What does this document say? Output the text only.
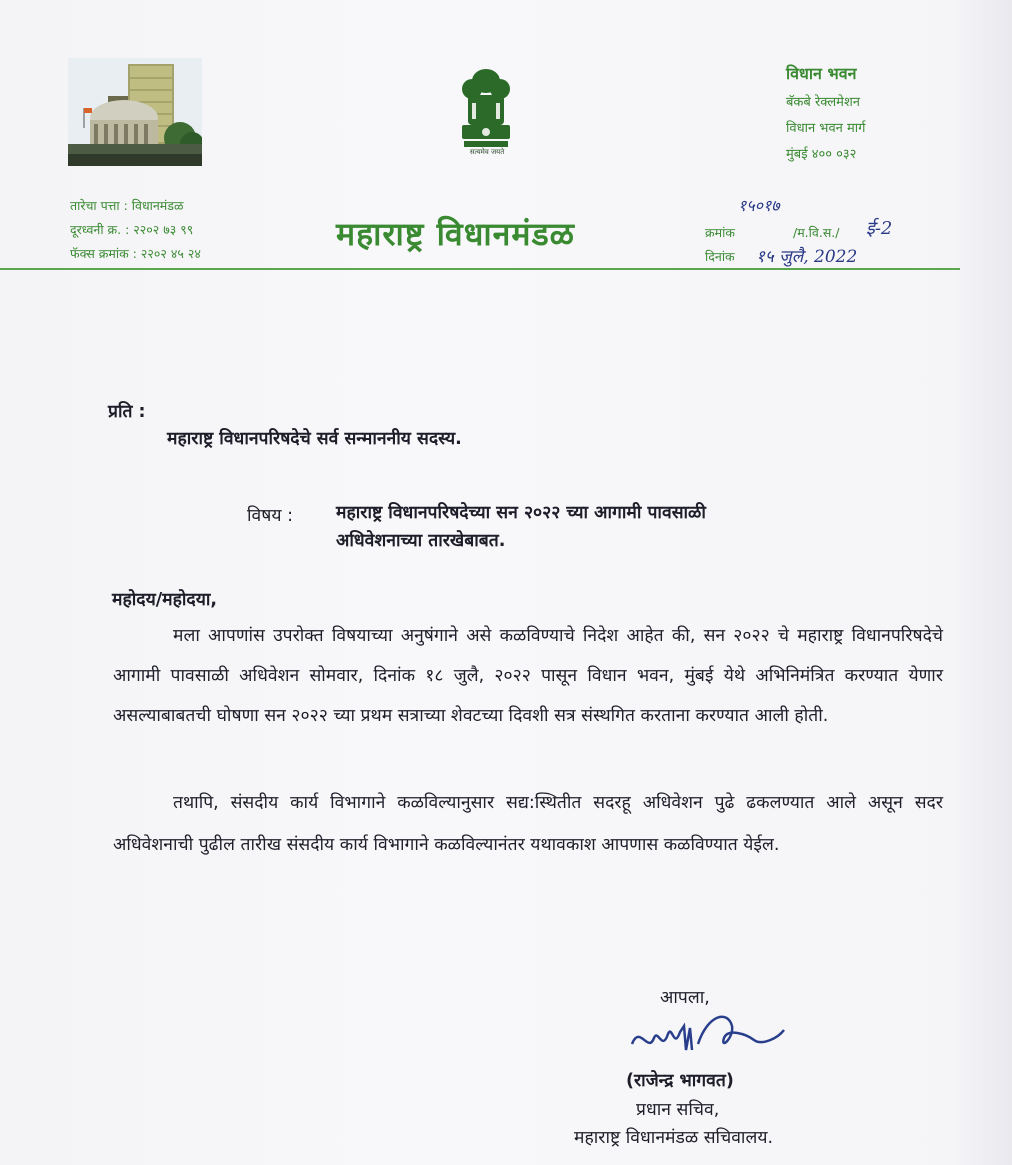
सत्यमेव जयते
विधान भवन
बॅकबे रेक्लमेशन
विधान भवन मार्ग
मुंबई ४०० ०३२
तारेचा पत्ता : विधानमंडळ
दूरध्वनी क्र. : २२०२ ७३ ९९
फॅक्स क्रमांक : २२०२ ४५ २४
महाराष्ट्र विधानमंडळ
१५०१७
क्रमांक	/म.वि.स./ ई-2
दिनांक १५ जुलै, 2022
प्रति :
महाराष्ट्र विधानपरिषदेचे सर्व सन्माननीय सदस्य.
विषय : महाराष्ट्र विधानपरिषदेच्या सन २०२२ च्या आगामी पावसाळी
अधिवेशनाच्या तारखेबाबत.
महोदय/महोदया,
मला आपणांस उपरोक्त विषयाच्या अनुषंगाने असे कळविण्याचे निदेश आहेत की, सन २०२२ चे महाराष्ट्र विधानपरिषदेचे आगामी पावसाळी अधिवेशन सोमवार, दिनांक १८ जुलै, २०२२ पासून विधान भवन, मुंबई येथे अभिनिमंत्रित करण्यात येणार असल्याबाबतची घोषणा सन २०२२ च्या प्रथम सत्राच्या शेवटच्या दिवशी सत्र संस्थगित करताना करण्यात आली होती.
तथापि, संसदीय कार्य विभागाने कळविल्यानुसार सद्य:स्थितीत सदरहू अधिवेशन पुढे ढकलण्यात आले असून सदर अधिवेशनाची पुढील तारीख संसदीय कार्य विभागाने कळविल्यानंतर यथावकाश आपणास कळविण्यात येईल.
आपला,
(राजेन्द्र भागवत)
प्रधान सचिव,
महाराष्ट्र विधानमंडळ सचिवालय.
